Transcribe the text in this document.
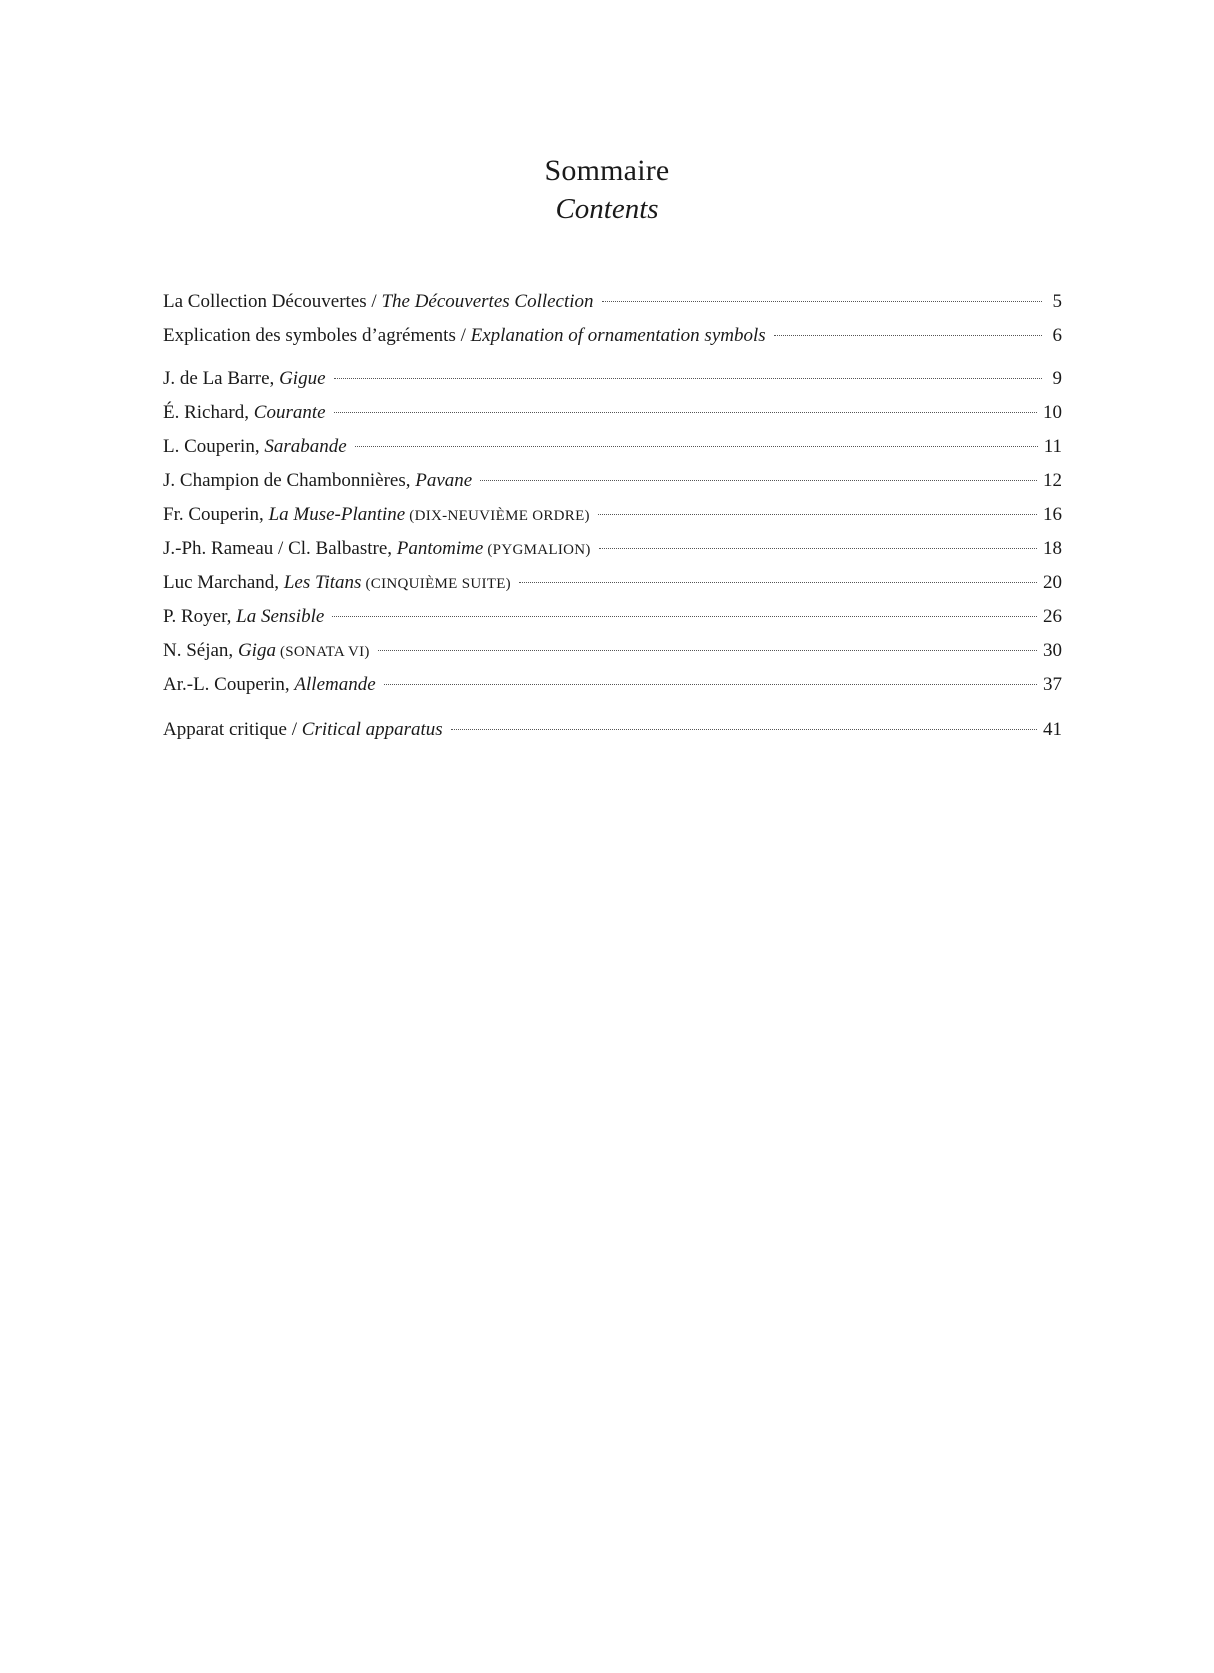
Sommaire
Contents
La Collection Découvertes / The Découvertes Collection	5
Explication des symboles d’agréments / Explanation of ornamentation symbols	6
J. de La Barre, Gigue	9
É. Richard, Courante	10
L. Couperin, Sarabande	11
J. Champion de Chambonnières, Pavane	12
Fr. Couperin, La Muse-Plantine (DIX-NEUVIÈME ORDRE)	16
J.-Ph. Rameau / Cl. Balbastre, Pantomime (PYGMALION)	18
Luc Marchand, Les Titans (CINQUIÈME SUITE)	20
P. Royer, La Sensible	26
N. Séjan, Giga (SONATA VI)	30
Ar.-L. Couperin, Allemande	37
Apparat critique / Critical apparatus	41
